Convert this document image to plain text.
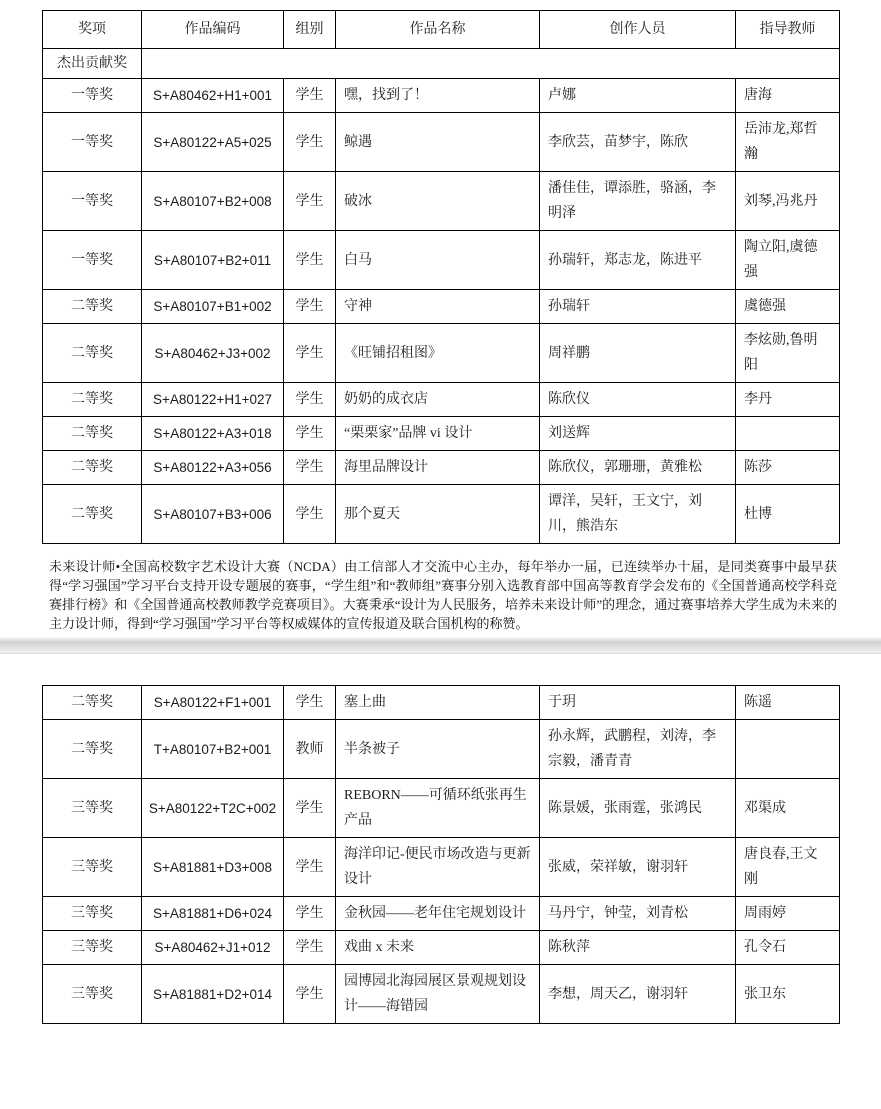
奖项	作品编码	组别	作品名称	创作人员	指导教师
杰出贡献奖					
一等奖	S+A80462+H1+001	学生	嘿，找到了！	卢娜	唐海
一等奖	S+A80122+A5+025	学生	鲸遇	李欣芸，苗梦宇，陈欣	岳沛龙,郑哲瀚
一等奖	S+A80107+B2+008	学生	破冰	潘佳佳，谭添胜，骆涵，李明泽	刘琴,冯兆丹
一等奖	S+A80107+B2+011	学生	白马	孙瑞轩，郑志龙，陈进平	陶立阳,虞德强
二等奖	S+A80107+B1+002	学生	守神	孙瑞轩	虞德强
二等奖	S+A80462+J3+002	学生	《旺铺招租图》	周祥鹏	李炫勋,鲁明阳
二等奖	S+A80122+H1+027	学生	奶奶的成衣店	陈欣仪	李丹
二等奖	S+A80122+A3+018	学生	“栗栗家”品牌 vi 设计	刘送辉	
二等奖	S+A80122+A3+056	学生	海里品牌设计	陈欣仪，郭珊珊，黄雅松	陈莎
二等奖	S+A80107+B3+006	学生	那个夏天	谭洋，吴轩，王文宁，刘川，熊浩东	杜博

未来设计师•全国高校数字艺术设计大赛（NCDA）由工信部人才交流中心主办，每年举办一届，已连续举办十届，是同类赛事中最早获得“学习强国”学习平台支持开设专题展的赛事，“学生组”和“教师组”赛事分别入选教育部中国高等教育学会发布的《全国普通高校学科竞赛排行榜》和《全国普通高校教师教学竞赛项目》。大赛秉承“设计为人民服务，培养未来设计师”的理念，通过赛事培养大学生成为未来的主力设计师，得到“学习强国”学习平台等权威媒体的宣传报道及联合国机构的称赞。

二等奖	S+A80122+F1+001	学生	塞上曲	于玥	陈遥
二等奖	T+A80107+B2+001	教师	半条被子	孙永辉，武鹏程，刘涛，李宗毅，潘青青	
三等奖	S+A80122+T2C+002	学生	REBORN——可循环纸张再生产品	陈景媛，张雨霆，张鸿民	邓渠成
三等奖	S+A81881+D3+008	学生	海洋印记-便民市场改造与更新设计	张威，荣祥敏，谢羽轩	唐良春,王文刚
三等奖	S+A81881+D6+024	学生	金秋园——老年住宅规划设计	马丹宁，钟莹，刘青松	周雨婷
三等奖	S+A80462+J1+012	学生	戏曲 x 未来	陈秋萍	孔令石
三等奖	S+A81881+D2+014	学生	园博园北海园展区景观规划设计——海错园	李想，周天乙，谢羽轩	张卫东
